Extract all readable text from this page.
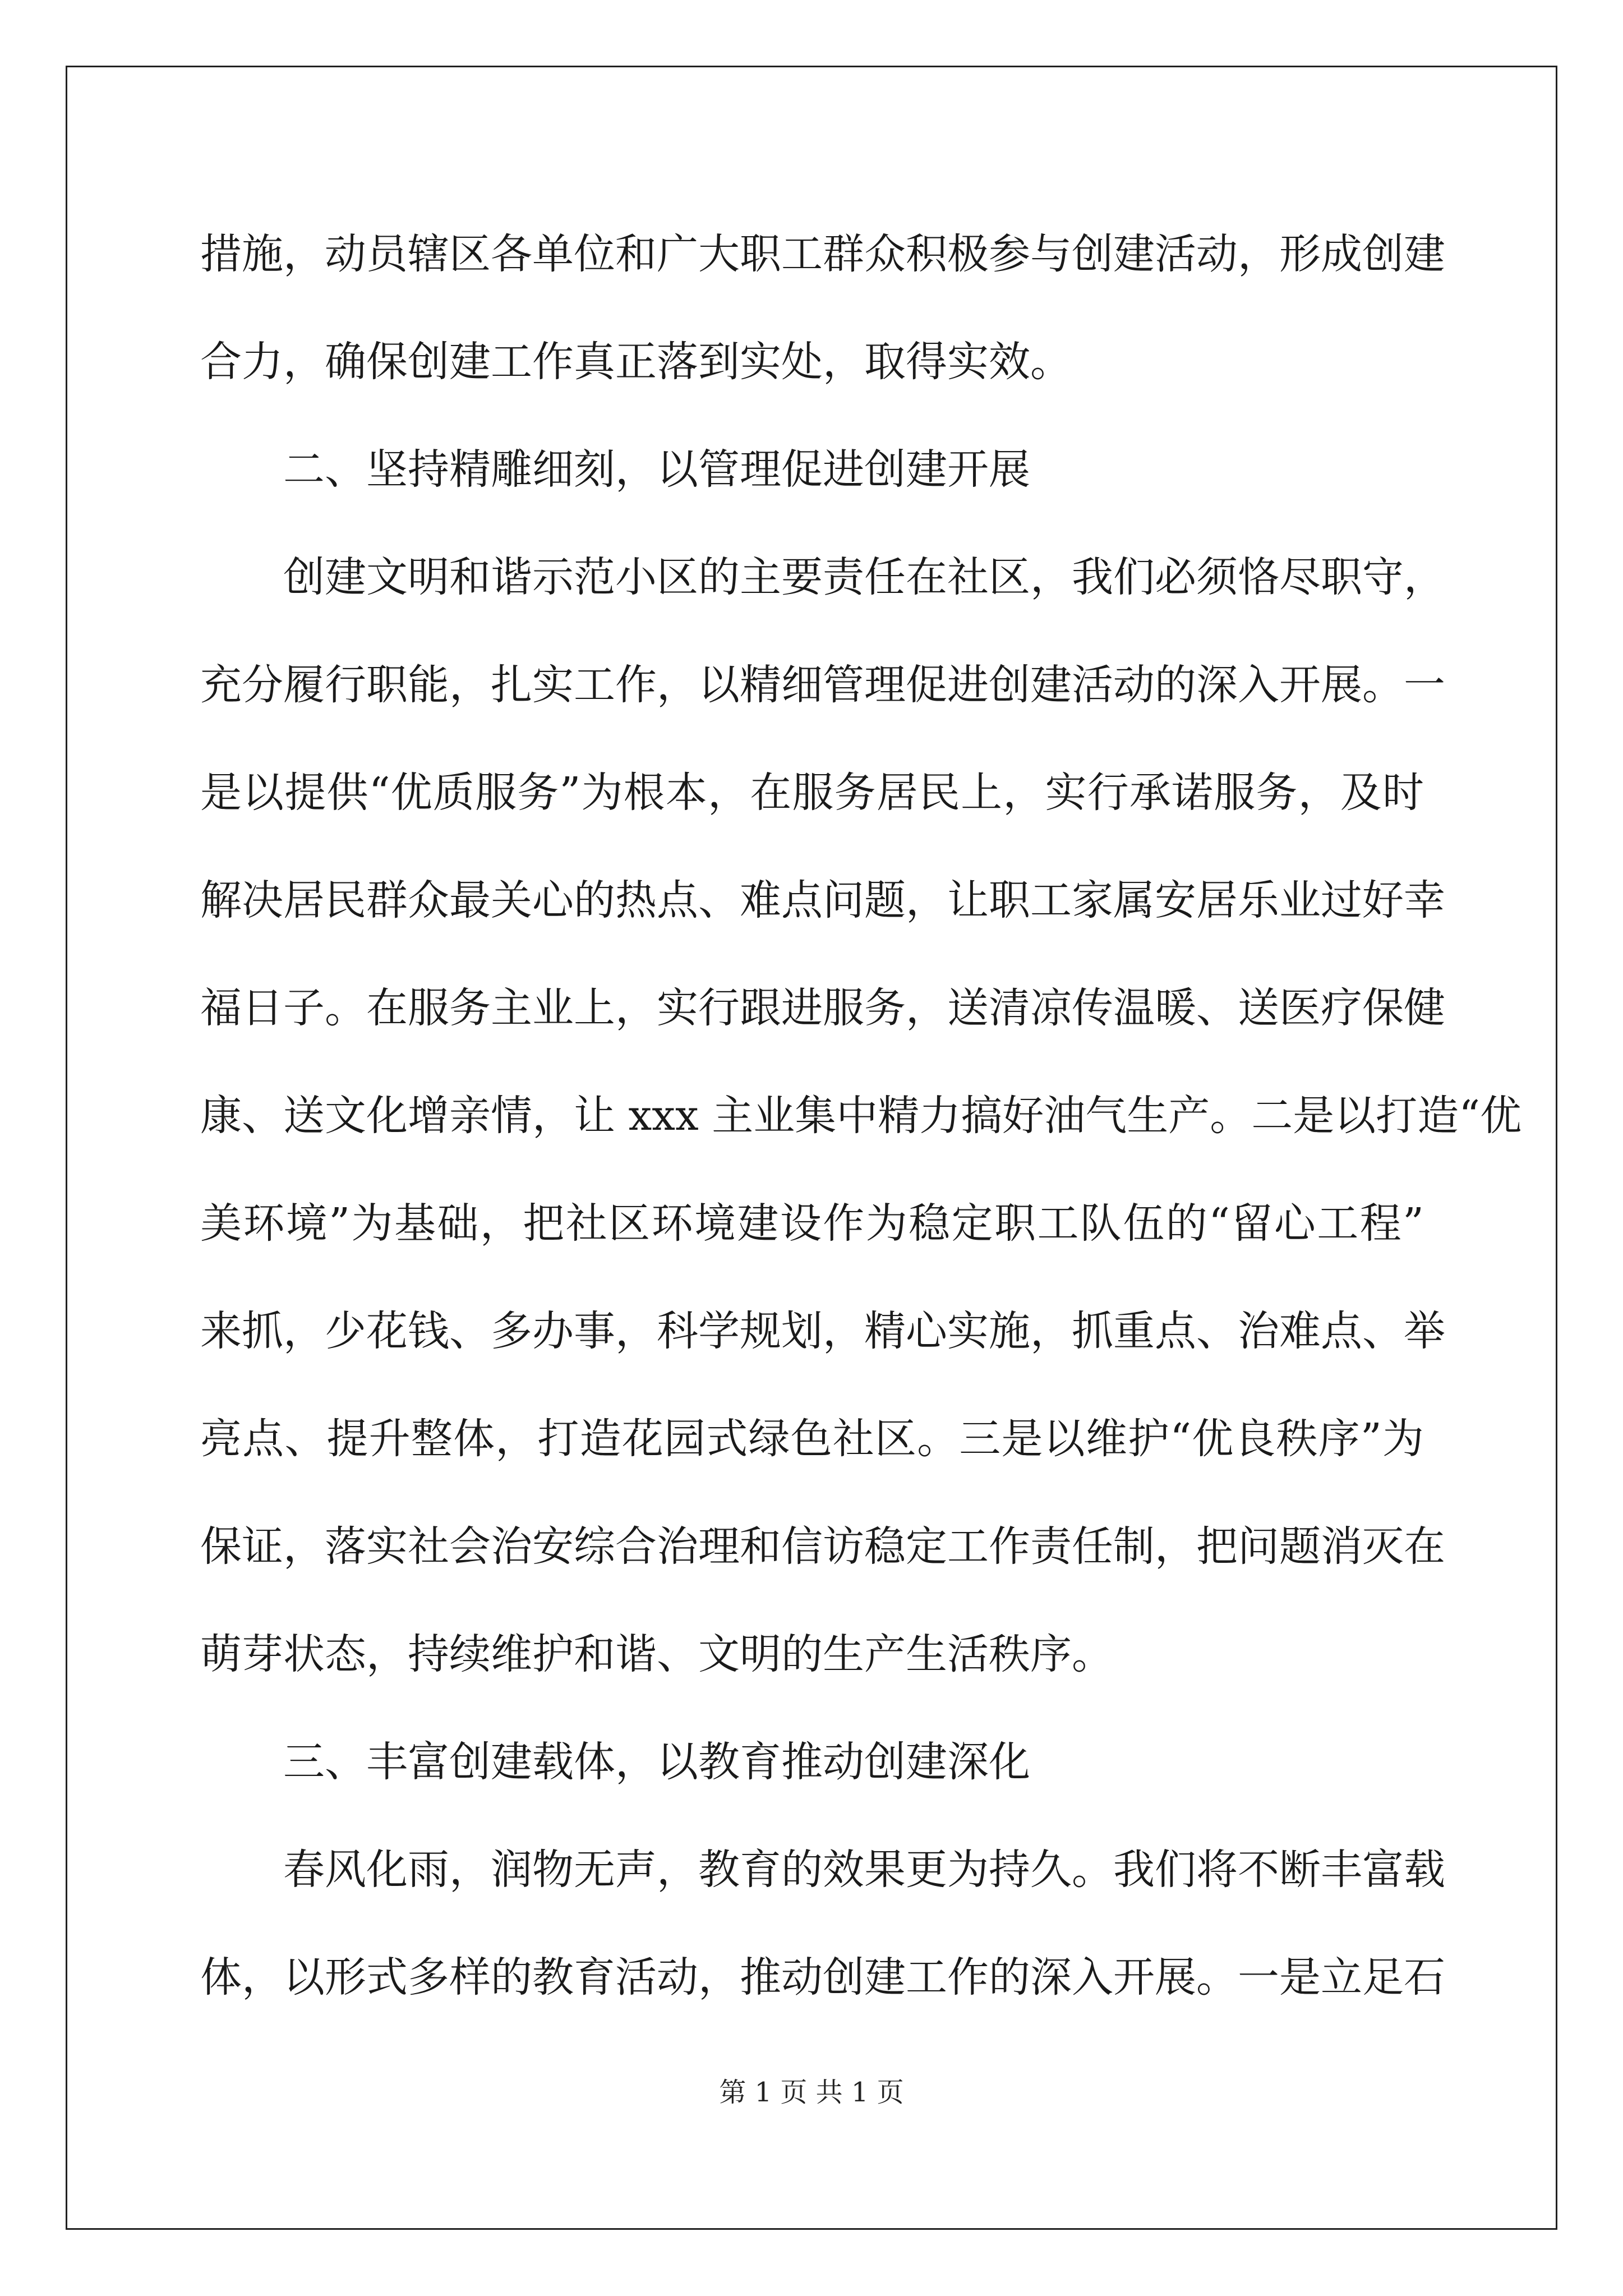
措施，动员辖区各单位和广大职工群众积极参与创建活动，形成创建
合力，确保创建工作真正落到实处，取得实效。
二、坚持精雕细刻，以管理促进创建开展
创建文明和谐示范小区的主要责任在社区，我们必须恪尽职守，
充分履行职能，扎实工作，以精细管理促进创建活动的深入开展。一
是以提供“优质服务”为根本，在服务居民上，实行承诺服务，及时
解决居民群众最关心的热点、难点问题，让职工家属安居乐业过好幸
福日子。在服务主业上，实行跟进服务，送清凉传温暖、送医疗保健
康、送文化增亲情，让 xxx 主业集中精力搞好油气生产。二是以打造“优
美环境”为基础，把社区环境建设作为稳定职工队伍的“留心工程”
来抓，少花钱、多办事，科学规划，精心实施，抓重点、治难点、举
亮点、提升整体，打造花园式绿色社区。三是以维护“优良秩序”为
保证，落实社会治安综合治理和信访稳定工作责任制，把问题消灭在
萌芽状态，持续维护和谐、文明的生产生活秩序。
三、丰富创建载体，以教育推动创建深化
春风化雨，润物无声，教育的效果更为持久。我们将不断丰富载
体，以形式多样的教育活动，推动创建工作的深入开展。一是立足石
第 1 页 共 1 页
